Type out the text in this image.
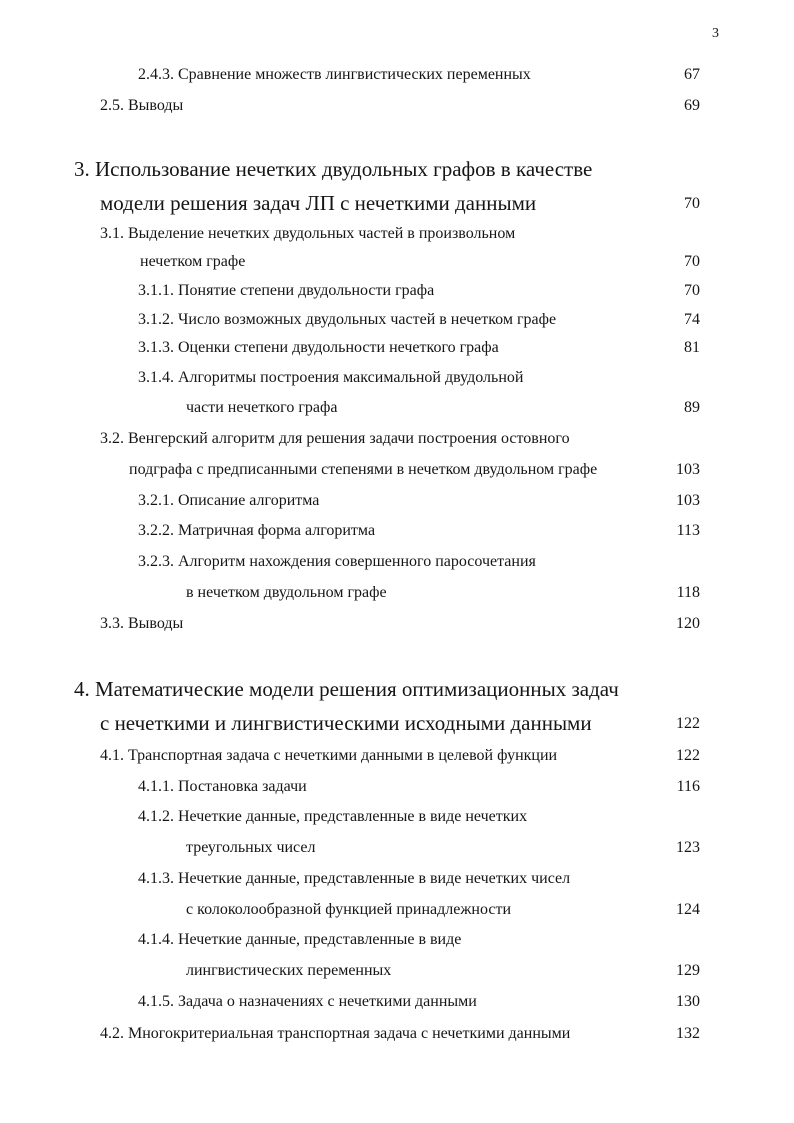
3
2.4.3. Сравнение множеств лингвистических переменных	67
2.5. Выводы	69
3. Использование нечетких двудольных графов в качестве
модели решения задач ЛП с нечеткими данными	70
3.1. Выделение нечетких двудольных частей в произвольном
нечетком графе	70
3.1.1. Понятие степени двудольности графа	70
3.1.2. Число возможных двудольных частей в нечетком графе	74
3.1.3. Оценки степени двудольности нечеткого графа	81
3.1.4. Алгоритмы построения максимальной двудольной
части нечеткого графа	89
3.2. Венгерский алгоритм для решения задачи построения остовного
подграфа с предписанными степенями в нечетком двудольном графе	103
3.2.1. Описание алгоритма	103
3.2.2. Матричная форма алгоритма	113
3.2.3. Алгоритм нахождения совершенного паросочетания
в нечетком двудольном графе	118
3.3. Выводы	120
4. Математические модели решения оптимизационных задач
с нечеткими и лингвистическими исходными данными	122
4.1. Транспортная задача с нечеткими данными в целевой функции	122
4.1.1. Постановка задачи	116
4.1.2. Нечеткие данные, представленные в виде нечетких
треугольных чисел	123
4.1.3. Нечеткие данные, представленные в виде нечетких чисел
с колоколообразной функцией принадлежности	124
4.1.4. Нечеткие данные, представленные в виде
лингвистических переменных	129
4.1.5. Задача о назначениях с нечеткими данными	130
4.2. Многокритериальная транспортная задача с нечеткими данными	132
